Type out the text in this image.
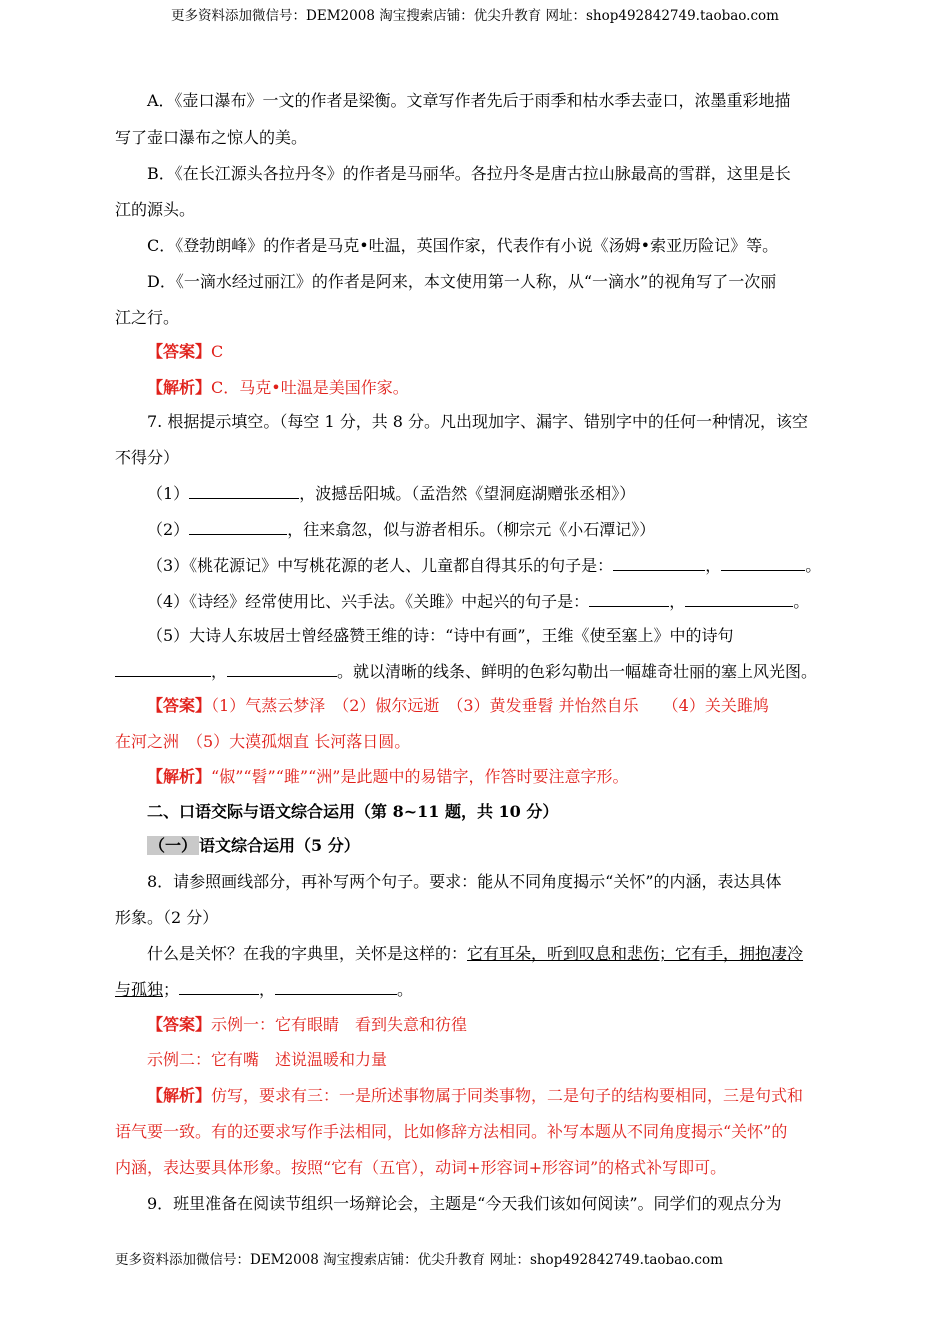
更多资料添加微信号：DEM2008 淘宝搜索店铺：优尖升教育 网址：shop492842749.taobao.com
A．《壶口瀑布》一文的作者是梁衡。文章写作者先后于雨季和枯水季去壶口，浓墨重彩地描
写了壶口瀑布之惊人的美。
B．《在长江源头各拉丹冬》的作者是马丽华。各拉丹冬是唐古拉山脉最高的雪群，这里是长
江的源头。
C．《登勃朗峰》的作者是马克•吐温，英国作家，代表作有小说《汤姆•索亚历险记》等。
D．《一滴水经过丽江》的作者是阿来，本文使用第一人称，从“一滴水”的视角写了一次丽
江之行。
【答案】C
【解析】C．马克•吐温是美国作家。
7. 根据提示填空。（每空 1 分，共 8 分。凡出现加字、漏字、错别字中的任何一种情况，该空
不得分）
（1）	，波撼岳阳城。（孟浩然《望洞庭湖赠张丞相》）
（2）	，往来翕忽，似与游者相乐。（柳宗元《小石潭记》）
（3）《桃花源记》中写桃花源的老人、儿童都自得其乐的句子是：	，	。
（4）《诗经》经常使用比、兴手法。《关雎》中起兴的句子是：	，	。
（5）大诗人东坡居士曾经盛赞王维的诗：“诗中有画”，王维《使至塞上》中的诗句
，	。就以清晰的线条、鲜明的色彩勾勒出一幅雄奇壮丽的塞上风光图。
【答案】（1）气蒸云梦泽　（2）俶尔远逝　（3）黄发垂髫 并怡然自乐　　（4）关关雎鸠
在河之洲　（5）大漠孤烟直 长河落日圆。
【解析】“俶”“髫”“雎”“洲”是此题中的易错字，作答时要注意字形。
二、口语交际与语文综合运用（第 8~11 题，共 10 分）
（一） 语文综合运用（5 分）
8．请参照画线部分，再补写两个句子。要求：能从不同角度揭示“关怀”的内涵，表达具体
形象。（2 分）
什么是关怀？在我的字典里，关怀是这样的：它有耳朵，听到叹息和悲伤；它有手，拥抱凄冷
与孤独；	，	。
【答案】示例一：它有眼睛　看到失意和彷徨
示例二：它有嘴　述说温暖和力量
【解析】仿写，要求有三：一是所述事物属于同类事物，二是句子的结构要相同，三是句式和
语气要一致。有的还要求写作手法相同，比如修辞方法相同。补写本题从不同角度揭示“关怀”的
内涵，表达要具体形象。按照“它有（五官），动词+形容词+形容词”的格式补写即可。
9．班里准备在阅读节组织一场辩论会，主题是“今天我们该如何阅读”。同学们的观点分为
更多资料添加微信号：DEM2008 淘宝搜索店铺：优尖升教育 网址：shop492842749.taobao.com
